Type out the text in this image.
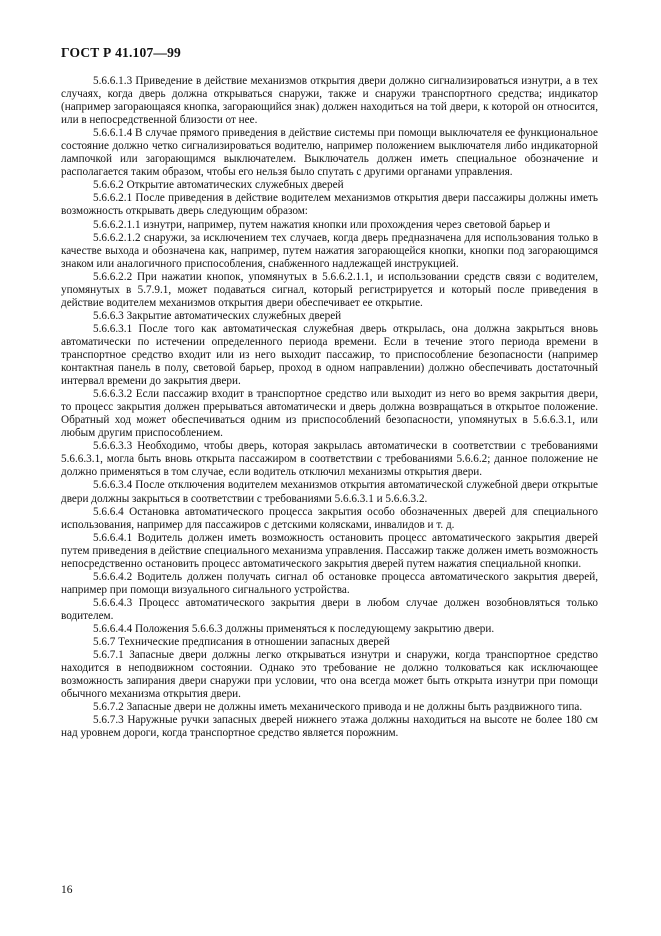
ГОСТ Р 41.107—99

5.6.6.1.3 Приведение в действие механизмов открытия двери должно сигнализироваться изнутри, а в тех случаях, когда дверь должна открываться снаружи, также и снаружи транспортного средства; индикатор (например загорающаяся кнопка, загорающийся знак) должен находиться на той двери, к которой он относится, или в непосредственной близости от нее.

5.6.6.1.4 В случае прямого приведения в действие системы при помощи выключателя ее функциональное состояние должно четко сигнализироваться водителю, например положением выключателя либо индикаторной лампочкой или загорающимся выключателем. Выключатель должен иметь специальное обозначение и располагается таким образом, чтобы его нельзя было спутать с другими органами управления.

5.6.6.2 Открытие автоматических служебных дверей

5.6.6.2.1 После приведения в действие водителем механизмов открытия двери пассажиры должны иметь возможность открывать дверь следующим образом:

5.6.6.2.1.1 изнутри, например, путем нажатия кнопки или прохождения через световой барьер и

5.6.6.2.1.2 снаружи, за исключением тех случаев, когда дверь предназначена для использования только в качестве выхода и обозначена как, например, путем нажатия загорающейся кнопки, кнопки под загорающимся знаком или аналогичного приспособления, снабженного надлежащей инструкцией.

5.6.6.2.2 При нажатии кнопок, упомянутых в 5.6.6.2.1.1, и использовании средств связи с водителем, упомянутых в 5.7.9.1, может подаваться сигнал, который регистрируется и который после приведения в действие водителем механизмов открытия двери обеспечивает ее открытие.

5.6.6.3 Закрытие автоматических служебных дверей

5.6.6.3.1 После того как автоматическая служебная дверь открылась, она должна закрыться вновь автоматически по истечении определенного периода времени. Если в течение этого периода времени в транспортное средство входит или из него выходит пассажир, то приспособление безопасности (например контактная панель в полу, световой барьер, проход в одном направлении) должно обеспечивать достаточный интервал времени до закрытия двери.

5.6.6.3.2 Если пассажир входит в транспортное средство или выходит из него во время закрытия двери, то процесс закрытия должен прерываться автоматически и дверь должна возвращаться в открытое положение. Обратный ход может обеспечиваться одним из приспособлений безопасности, упомянутых в 5.6.6.3.1, или любым другим приспособлением.

5.6.6.3.3 Необходимо, чтобы дверь, которая закрылась автоматически в соответствии с требованиями 5.6.6.3.1, могла быть вновь открыта пассажиром в соответствии с требованиями 5.6.6.2; данное положение не должно применяться в том случае, если водитель отключил механизмы открытия двери.

5.6.6.3.4 После отключения водителем механизмов открытия автоматической служебной двери открытые двери должны закрыться в соответствии с требованиями 5.6.6.3.1 и 5.6.6.3.2.

5.6.6.4 Остановка автоматического процесса закрытия особо обозначенных дверей для специального использования, например для пассажиров с детскими колясками, инвалидов и т. д.

5.6.6.4.1 Водитель должен иметь возможность остановить процесс автоматического закрытия дверей путем приведения в действие специального механизма управления. Пассажир также должен иметь возможность непосредственно остановить процесс автоматического закрытия дверей путем нажатия специальной кнопки.

5.6.6.4.2 Водитель должен получать сигнал об остановке процесса автоматического закрытия дверей, например при помощи визуального сигнального устройства.

5.6.6.4.3 Процесс автоматического закрытия двери в любом случае должен возобновляться только водителем.

5.6.6.4.4 Положения 5.6.6.3 должны применяться к последующему закрытию двери.

5.6.7 Технические предписания в отношении запасных дверей

5.6.7.1 Запасные двери должны легко открываться изнутри и снаружи, когда транспортное средство находится в неподвижном состоянии. Однако это требование не должно толковаться как исключающее возможность запирания двери снаружи при условии, что она всегда может быть открыта изнутри при помощи обычного механизма открытия двери.

5.6.7.2 Запасные двери не должны иметь механического привода и не должны быть раздвижного типа.

5.6.7.3 Наружные ручки запасных дверей нижнего этажа должны находиться на высоте не более 180 см над уровнем дороги, когда транспортное средство является порожним.

16
